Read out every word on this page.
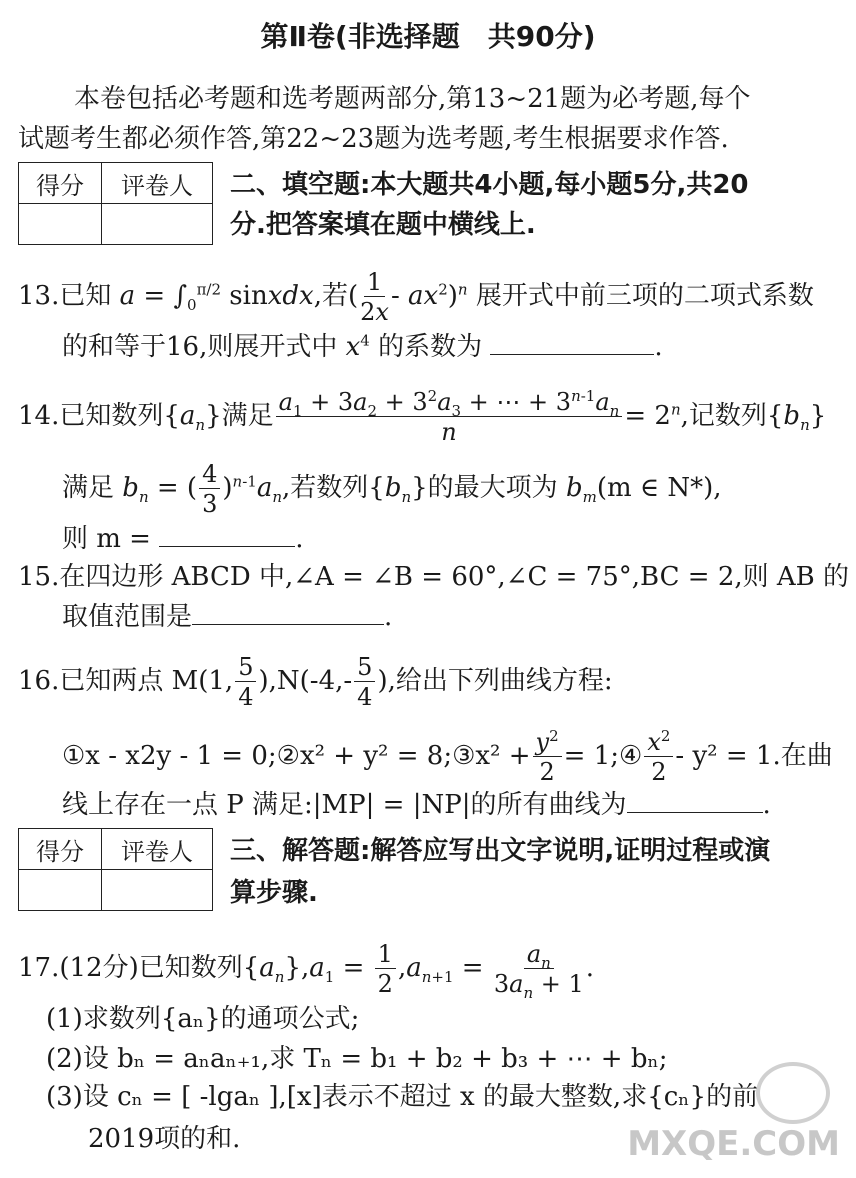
第Ⅱ卷(非选择题　共90分)
本卷包括必考题和选考题两部分,第13~21题为必考题,每个
试题考生都必须作答,第22~23题为选考题,考生根据要求作答.
得分	评卷人
	二、填空题:本大题共4小题,每小题5分,共20
分.把答案填在题中横线上.
13.已知 $a = \int_0^{\pi/2}$ sinxdx,若( $\frac{1}{2x} - ax^2)^n$ 展开式中前三项的二项式系数
的和等于16,则展开式中 $x^4$ 的系数为	.
14.已知数列$\{a_n\}$满足 $\frac{a_1 + 3a_2 + 3^2a_3 + \cdots + 3^{n-1}a_n}{n} = 2^n$,记数列$\{b_n\}$
满足 $b_n$ = ( $\frac{4}{3} )^{n-1}a_n$,若数列$\{b_n\}$的最大项为 $b_m(m$ ∈ N*),
则 m =	.
15.在四边形 ABCD 中,∠A = ∠B = 60°,∠C = 75°,BC = 2,则 AB 的
取值范围是	.
16.已知两点 M(1, $\frac{5}{4} ),N(-4,- \frac{5}{4}$ ),给出下列曲线方程:
①x - x2y - 1 = 0;②x² + y² = 8;③x² + $\frac{y^2}{2}$ = 1;④ $\frac{x^2}{2} - y^2 = 1$.在曲
线上存在一点 P 满足:|MP| = |NP|的所有曲线为	.
得分	评卷人
	三、解答题:解答应写出文字说明,证明过程或演
算步骤.
17.(12分)已知数列$\{a_n\},a_1 = \frac{1}{2} ,a_{n+1} = \frac{a_n}{3a_n + 1}$ .
(1)求数列{aₙ}的通项公式;
(2)设 bₙ = aₙaₙ₊₁,求 Tₙ = b₁ + b₂ + b₃ + ⋯ + bₙ;
(3)设 cₙ = [ -lgaₙ ],[x]表示不超过 x 的最大整数,求{cₙ}的前
2019项的和.	MXQE.COM
